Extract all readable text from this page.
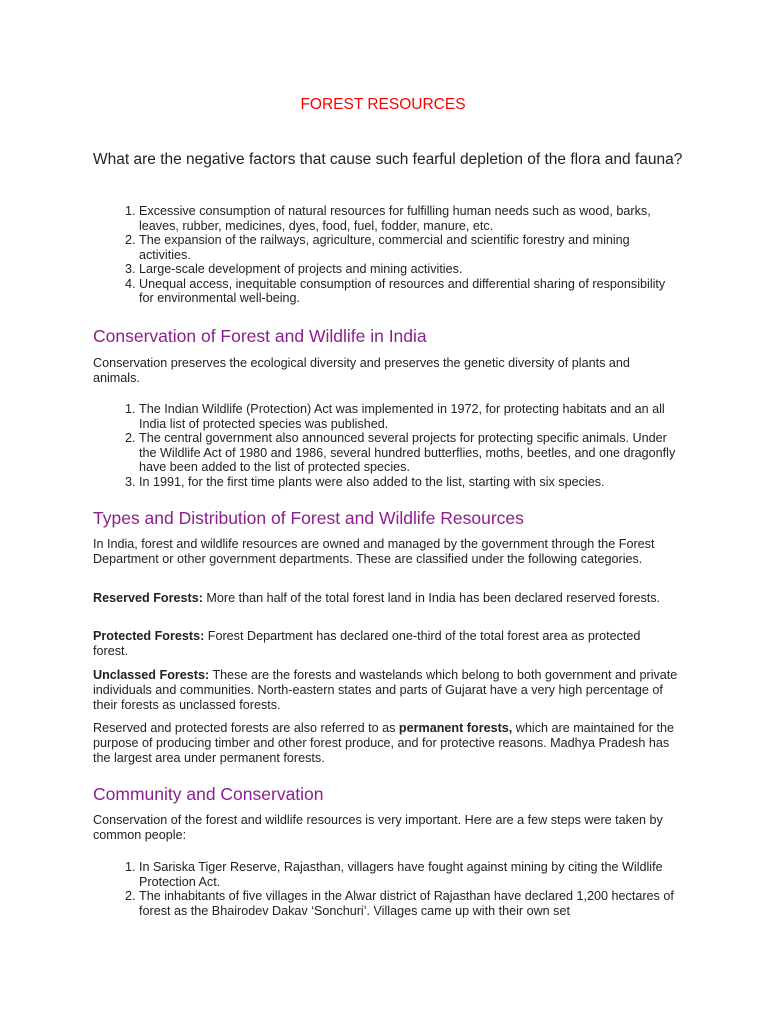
FOREST RESOURCES
What are the negative factors that cause such fearful depletion of the flora and fauna?
1. Excessive consumption of natural resources for fulfilling human needs such as wood, barks, leaves, rubber, medicines, dyes, food, fuel, fodder, manure, etc.
2. The expansion of the railways, agriculture, commercial and scientific forestry and mining activities.
3. Large-scale development of projects and mining activities.
4. Unequal access, inequitable consumption of resources and differential sharing of responsibility for environmental well-being.
Conservation of Forest and Wildlife in India

Conservation preserves the ecological diversity and preserves the genetic diversity of plants and animals.

1. The Indian Wildlife (Protection) Act was implemented in 1972, for protecting habitats and an all India list of protected species was published.
2. The central government also announced several projects for protecting specific animals. Under the Wildlife Act of 1980 and 1986, several hundred butterflies, moths, beetles, and one dragonfly have been added to the list of protected species.
3. In 1991, for the first time plants were also added to the list, starting with six species.
Types and Distribution of Forest and Wildlife Resources

In India, forest and wildlife resources are owned and managed by the government through the Forest Department or other government departments. These are classified under the following categories.

Reserved Forests: More than half of the total forest land in India has been declared reserved forests.

Protected Forests: Forest Department has declared one-third of the total forest area as protected forest.

Unclassed Forests: These are the forests and wastelands which belong to both government and private individuals and communities. North-eastern states and parts of Gujarat have a very high percentage of their forests as unclassed forests.

Reserved and protected forests are also referred to as permanent forests, which are maintained for the purpose of producing timber and other forest produce, and for protective reasons. Madhya Pradesh has the largest area under permanent forests.

Community and Conservation

Conservation of the forest and wildlife resources is very important. Here are a few steps were taken by common people:

1. In Sariska Tiger Reserve, Rajasthan, villagers have fought against mining by citing the Wildlife Protection Act.
2. The inhabitants of five villages in the Alwar district of Rajasthan have declared 1,200 hectares of forest as the Bhairodev Dakav ‘Sonchuri’. Villages came up with their own set
